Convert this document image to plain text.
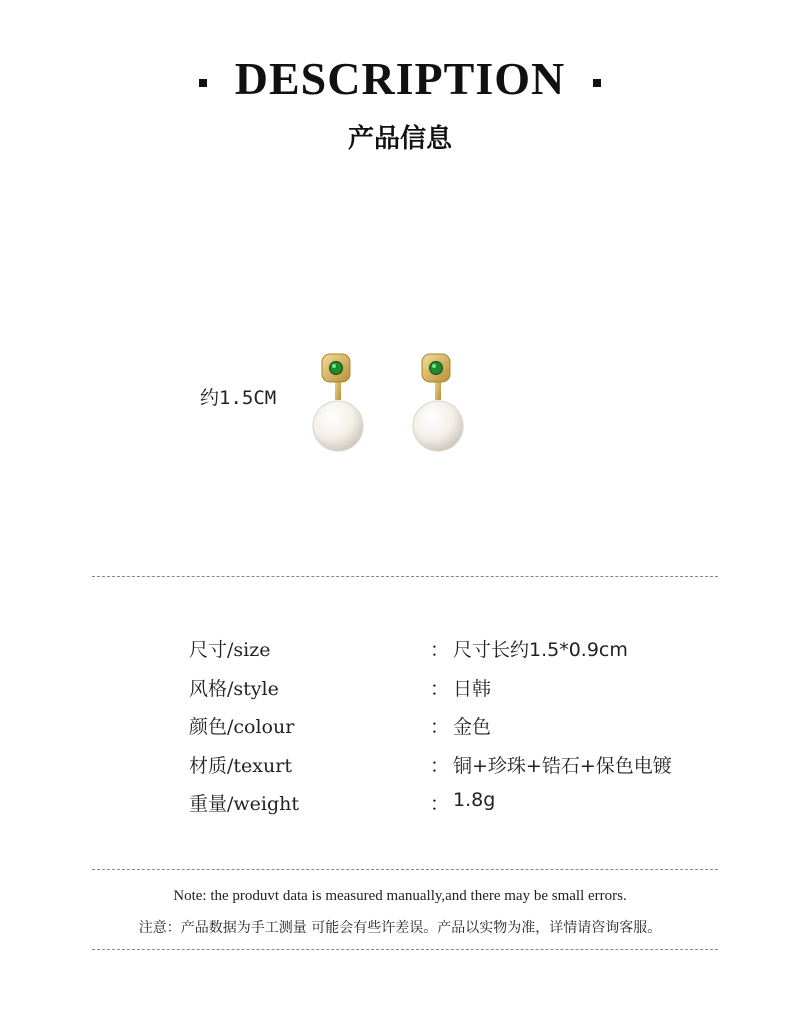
DESCRIPTION
产品信息
约1.5CM
尺寸/size	： 尺寸长约1.5*0.9cm
风格/style	： 日韩
颜色/colour	： 金色
材质/texurt	： 铜+珍珠+锆石+保色电镀
重量/weight	： 1.8g
Note: the produvt data is measured manually,and there may be small errors.
注意：产品数据为手工测量 可能会有些许差误。产品以实物为准，详情请咨询客服。
